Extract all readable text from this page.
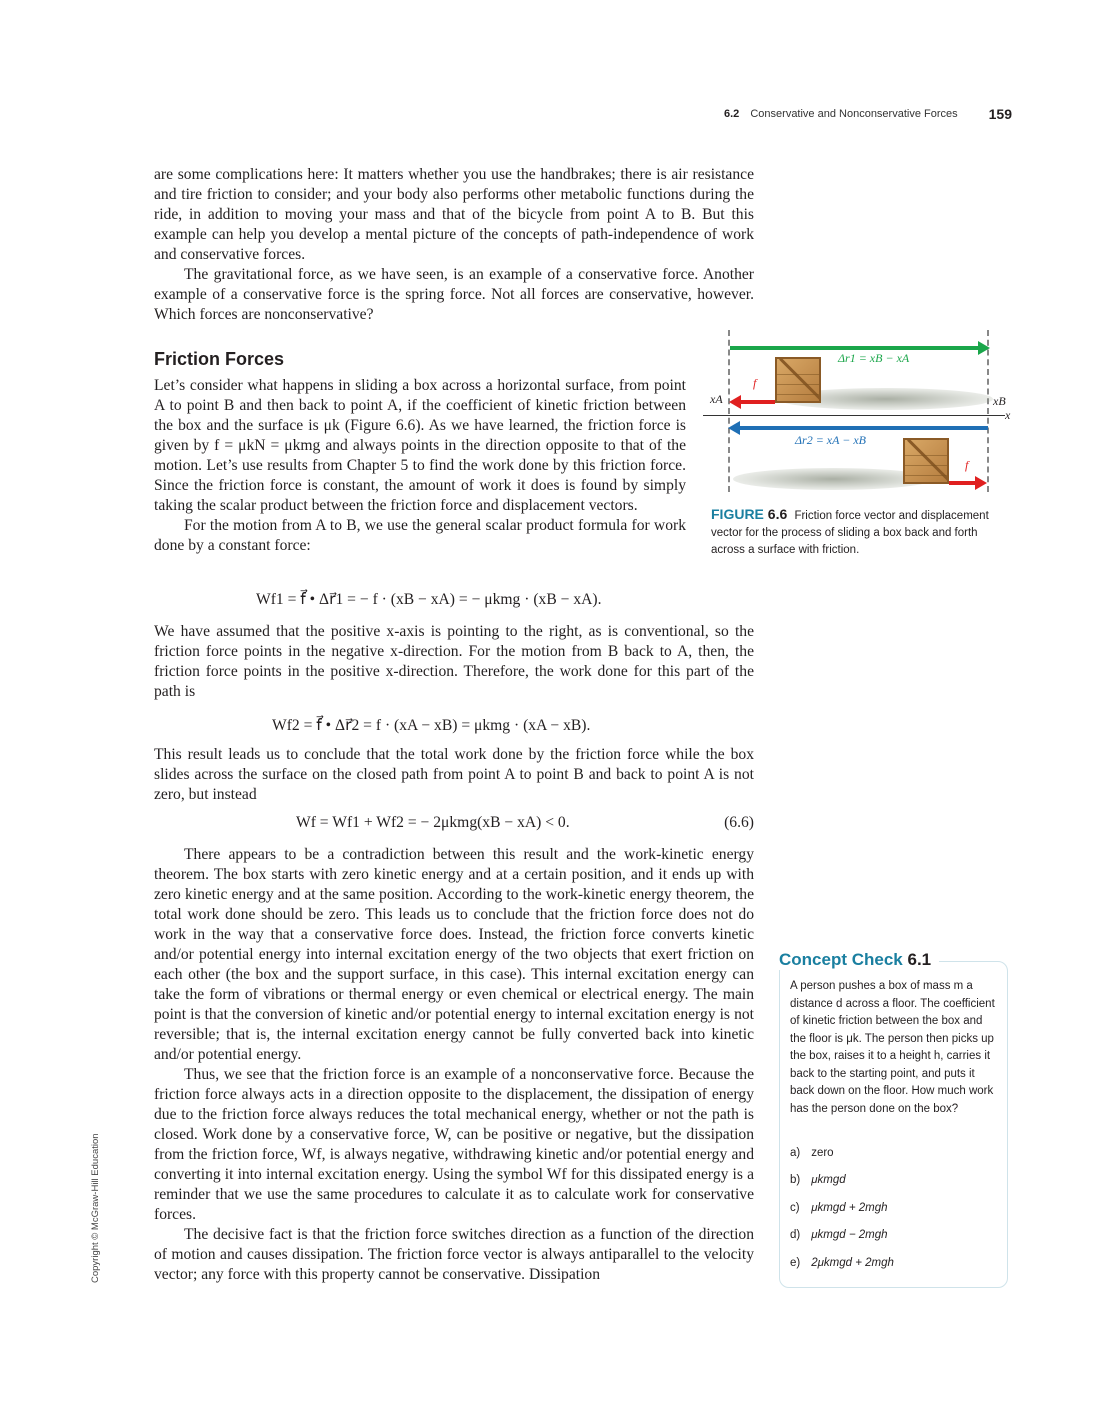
6.2 Conservative and Nonconservative Forces 159
Copyright © McGraw-Hill Education

are some complications here: It matters whether you use the handbrakes; there is air resistance and tire friction to consider; and your body also performs other metabolic functions during the ride, in addition to moving your mass and that of the bicycle from point A to B. But this example can help you develop a mental picture of the concepts of path-independence of work and conservative forces.

The gravitational force, as we have seen, is an example of a conservative force. Another example of a conservative force is the spring force. Not all forces are conservative, however. Which forces are nonconservative?

Friction Forces

Let’s consider what happens in sliding a box across a horizontal surface, from point A to point B and then back to point A, if the coefficient of kinetic friction between the box and the surface is μk (Figure 6.6). As we have learned, the friction force is given by f = μkN = μkmg and always points in the direction opposite to that of the motion. Let’s use results from Chapter 5 to find the work done by this friction force. Since the friction force is constant, the amount of work it does is found by simply taking the scalar product between the friction force and displacement vectors.

For the motion from A to B, we use the general scalar product formula for work done by a constant force:

Wf1 = f⃗ • Δr⃗1 = − f · (xB − xA) = − μkmg · (xB − xA).

We have assumed that the positive x-axis is pointing to the right, as is conventional, so the friction force points in the negative x-direction. For the motion from B back to A, then, the friction force points in the positive x-direction. Therefore, the work done for this part of the path is

Wf2 = f⃗ • Δr⃗2 = f · (xA − xB) = μkmg · (xA − xB).

This result leads us to conclude that the total work done by the friction force while the box slides across the surface on the closed path from point A to point B and back to point A is not zero, but instead

Wf = Wf1 + Wf2 = − 2μkmg(xB − xA) < 0.	(6.6)

There appears to be a contradiction between this result and the work-kinetic energy theorem. The box starts with zero kinetic energy and at a certain position, and it ends up with zero kinetic energy and at the same position. According to the work-kinetic energy theorem, the total work done should be zero. This leads us to conclude that the friction force does not do work in the way that a conservative force does. Instead, the friction force converts kinetic and/or potential energy into internal excitation energy of the two objects that exert friction on each other (the box and the support surface, in this case). This internal excitation energy can take the form of vibrations or thermal energy or even chemical or electrical energy. The main point is that the conversion of kinetic and/or potential energy to internal excitation energy is not reversible; that is, the internal excitation energy cannot be fully converted back into kinetic and/or potential energy.

Thus, we see that the friction force is an example of a nonconservative force. Because the friction force always acts in a direction opposite to the displacement, the dissipation of energy due to the friction force always reduces the total mechanical energy, whether or not the path is closed. Work done by a conservative force, W, can be positive or negative, but the dissipation from the friction force, Wf, is always negative, withdrawing kinetic and/or potential energy and converting it into internal excitation energy. Using the symbol Wf for this dissipated energy is a reminder that we use the same procedures to calculate it as to calculate work for conservative forces.

The decisive fact is that the friction force switches direction as a function of the direction of motion and causes dissipation. The friction force vector is always antiparallel to the velocity vector; any force with this property cannot be conservative. Dissipation

Δr1 = xB − xA
f⃗
xA	xB
x
Δr2 = xA − xB
f⃗
FIGURE 6.6 Friction force vector and displacement vector for the process of sliding a box back and forth across a surface with friction.
Concept Check 6.1
A person pushes a box of mass m a distance d across a floor. The coefficient of kinetic friction between the box and the floor is μk. The person then picks up the box, raises it to a height h, carries it back to the starting point, and puts it back down on the floor. How much work has the person done on the box?
a) zero
b) μkmgd
c) μkmgd + 2mgh
d) μkmgd − 2mgh
e) 2μkmgd + 2mgh
